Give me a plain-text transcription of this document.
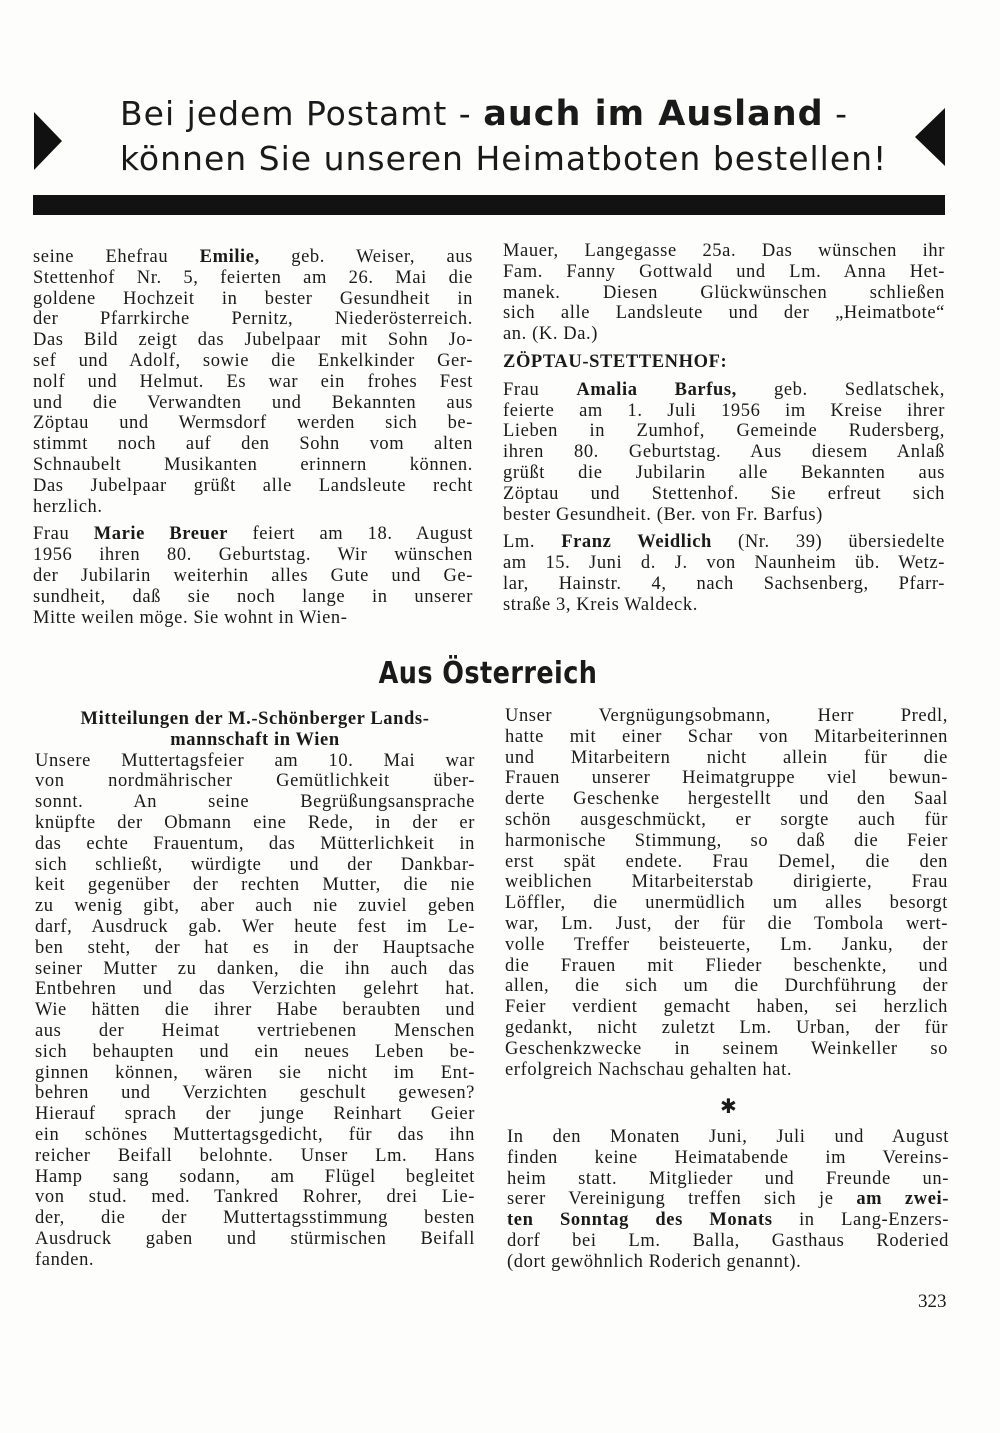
Bei jedem Postamt - auch im Ausland -
können Sie unseren Heimatboten bestellen!
seine Ehefrau Emilie, geb. Weiser, aus
Stettenhof Nr. 5, feierten am 26. Mai die
goldene Hochzeit in bester Gesundheit in
der Pfarrkirche Pernitz, Niederösterreich.
Das Bild zeigt das Jubelpaar mit Sohn Jo-
sef und Adolf, sowie die Enkelkinder Ger-
nolf und Helmut. Es war ein frohes Fest
und die Verwandten und Bekannten aus
Zöptau und Wermsdorf werden sich be-
stimmt noch auf den Sohn vom alten
Schnaubelt Musikanten erinnern können.
Das Jubelpaar grüßt alle Landsleute recht
herzlich.
Frau Marie Breuer feiert am 18. August
1956 ihren 80. Geburtstag. Wir wünschen
der Jubilarin weiterhin alles Gute und Ge-
sundheit, daß sie noch lange in unserer
Mitte weilen möge. Sie wohnt in Wien-
Mauer, Langegasse 25a. Das wünschen ihr
Fam. Fanny Gottwald und Lm. Anna Het-
manek. Diesen Glückwünschen schließen
sich alle Landsleute und der „Heimatbote“
an. (K. Da.)
ZÖPTAU-STETTENHOF:
Frau Amalia Barfus, geb. Sedlatschek,
feierte am 1. Juli 1956 im Kreise ihrer
Lieben in Zumhof, Gemeinde Rudersberg,
ihren 80. Geburtstag. Aus diesem Anlaß
grüßt die Jubilarin alle Bekannten aus
Zöptau und Stettenhof. Sie erfreut sich
bester Gesundheit. (Ber. von Fr. Barfus)
Lm. Franz Weidlich (Nr. 39) übersiedelte
am 15. Juni d. J. von Naunheim üb. Wetz-
lar, Hainstr. 4, nach Sachsenberg, Pfarr-
straße 3, Kreis Waldeck.
Aus Österreich
Mitteilungen der M.-Schönberger Lands-
mannschaft in Wien
Unsere Muttertagsfeier am 10. Mai war
von nordmährischer Gemütlichkeit über-
sonnt. An seine Begrüßungsansprache
knüpfte der Obmann eine Rede, in der er
das echte Frauentum, das Mütterlichkeit in
sich schließt, würdigte und der Dankbar-
keit gegenüber der rechten Mutter, die nie
zu wenig gibt, aber auch nie zuviel geben
darf, Ausdruck gab. Wer heute fest im Le-
ben steht, der hat es in der Hauptsache
seiner Mutter zu danken, die ihn auch das
Entbehren und das Verzichten gelehrt hat.
Wie hätten die ihrer Habe beraubten und
aus der Heimat vertriebenen Menschen
sich behaupten und ein neues Leben be-
ginnen können, wären sie nicht im Ent-
behren und Verzichten geschult gewesen?
Hierauf sprach der junge Reinhart Geier
ein schönes Muttertagsgedicht, für das ihn
reicher Beifall belohnte. Unser Lm. Hans
Hamp sang sodann, am Flügel begleitet
von stud. med. Tankred Rohrer, drei Lie-
der, die der Muttertagsstimmung besten
Ausdruck gaben und stürmischen Beifall
fanden.
Unser Vergnügungsobmann, Herr Predl,
hatte mit einer Schar von Mitarbeiterinnen
und Mitarbeitern nicht allein für die
Frauen unserer Heimatgruppe viel bewun-
derte Geschenke hergestellt und den Saal
schön ausgeschmückt, er sorgte auch für
harmonische Stimmung, so daß die Feier
erst spät endete. Frau Demel, die den
weiblichen Mitarbeiterstab dirigierte, Frau
Löffler, die unermüdlich um alles besorgt
war, Lm. Just, der für die Tombola wert-
volle Treffer beisteuerte, Lm. Janku, der
die Frauen mit Flieder beschenkte, und
allen, die sich um die Durchführung der
Feier verdient gemacht haben, sei herzlich
gedankt, nicht zuletzt Lm. Urban, der für
Geschenkzwecke in seinem Weinkeller so
erfolgreich Nachschau gehalten hat.
✱
In den Monaten Juni, Juli und August
finden keine Heimatabende im Vereins-
heim statt. Mitglieder und Freunde un-
serer Vereinigung treffen sich je am zwei-
ten Sonntag des Monats in Lang-Enzers-
dorf bei Lm. Balla, Gasthaus Roderied
(dort gewöhnlich Roderich genannt).
323
